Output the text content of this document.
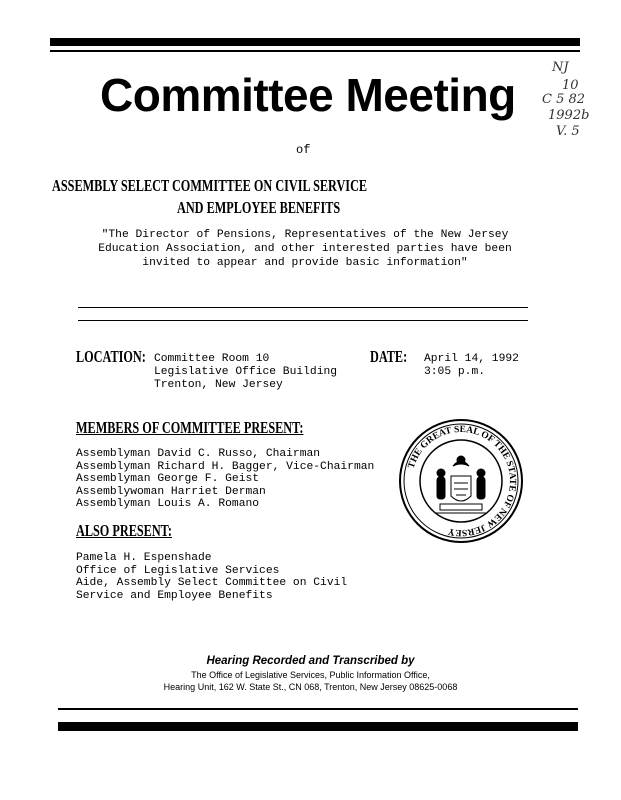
Committee Meeting
NJ
10
C 5 82
1992b
V. 5
of
ASSEMBLY SELECT COMMITTEE ON CIVIL SERVICE
AND EMPLOYEE BENEFITS
"The Director of Pensions, Representatives of the New Jersey Education Association, and other interested parties have been invited to appear and provide basic information"
LOCATION: Committee Room 10
Legislative Office Building
Trenton, New Jersey
DATE: April 14, 1992
3:05 p.m.
MEMBERS OF COMMITTEE PRESENT:
Assemblyman David C. Russo, Chairman
Assemblyman Richard H. Bagger, Vice-Chairman
Assemblyman George F. Geist
Assemblywoman Harriet Derman
Assemblyman Louis A. Romano
ALSO PRESENT:
Pamela H. Espenshade
Office of Legislative Services
Aide, Assembly Select Committee on Civil
Service and Employee Benefits
THE GREAT SEAL OF THE STATE OF NEW JERSEY
Hearing Recorded and Transcribed by
The Office of Legislative Services, Public Information Office,
Hearing Unit, 162 W. State St., CN 068, Trenton, New Jersey 08625-0068
